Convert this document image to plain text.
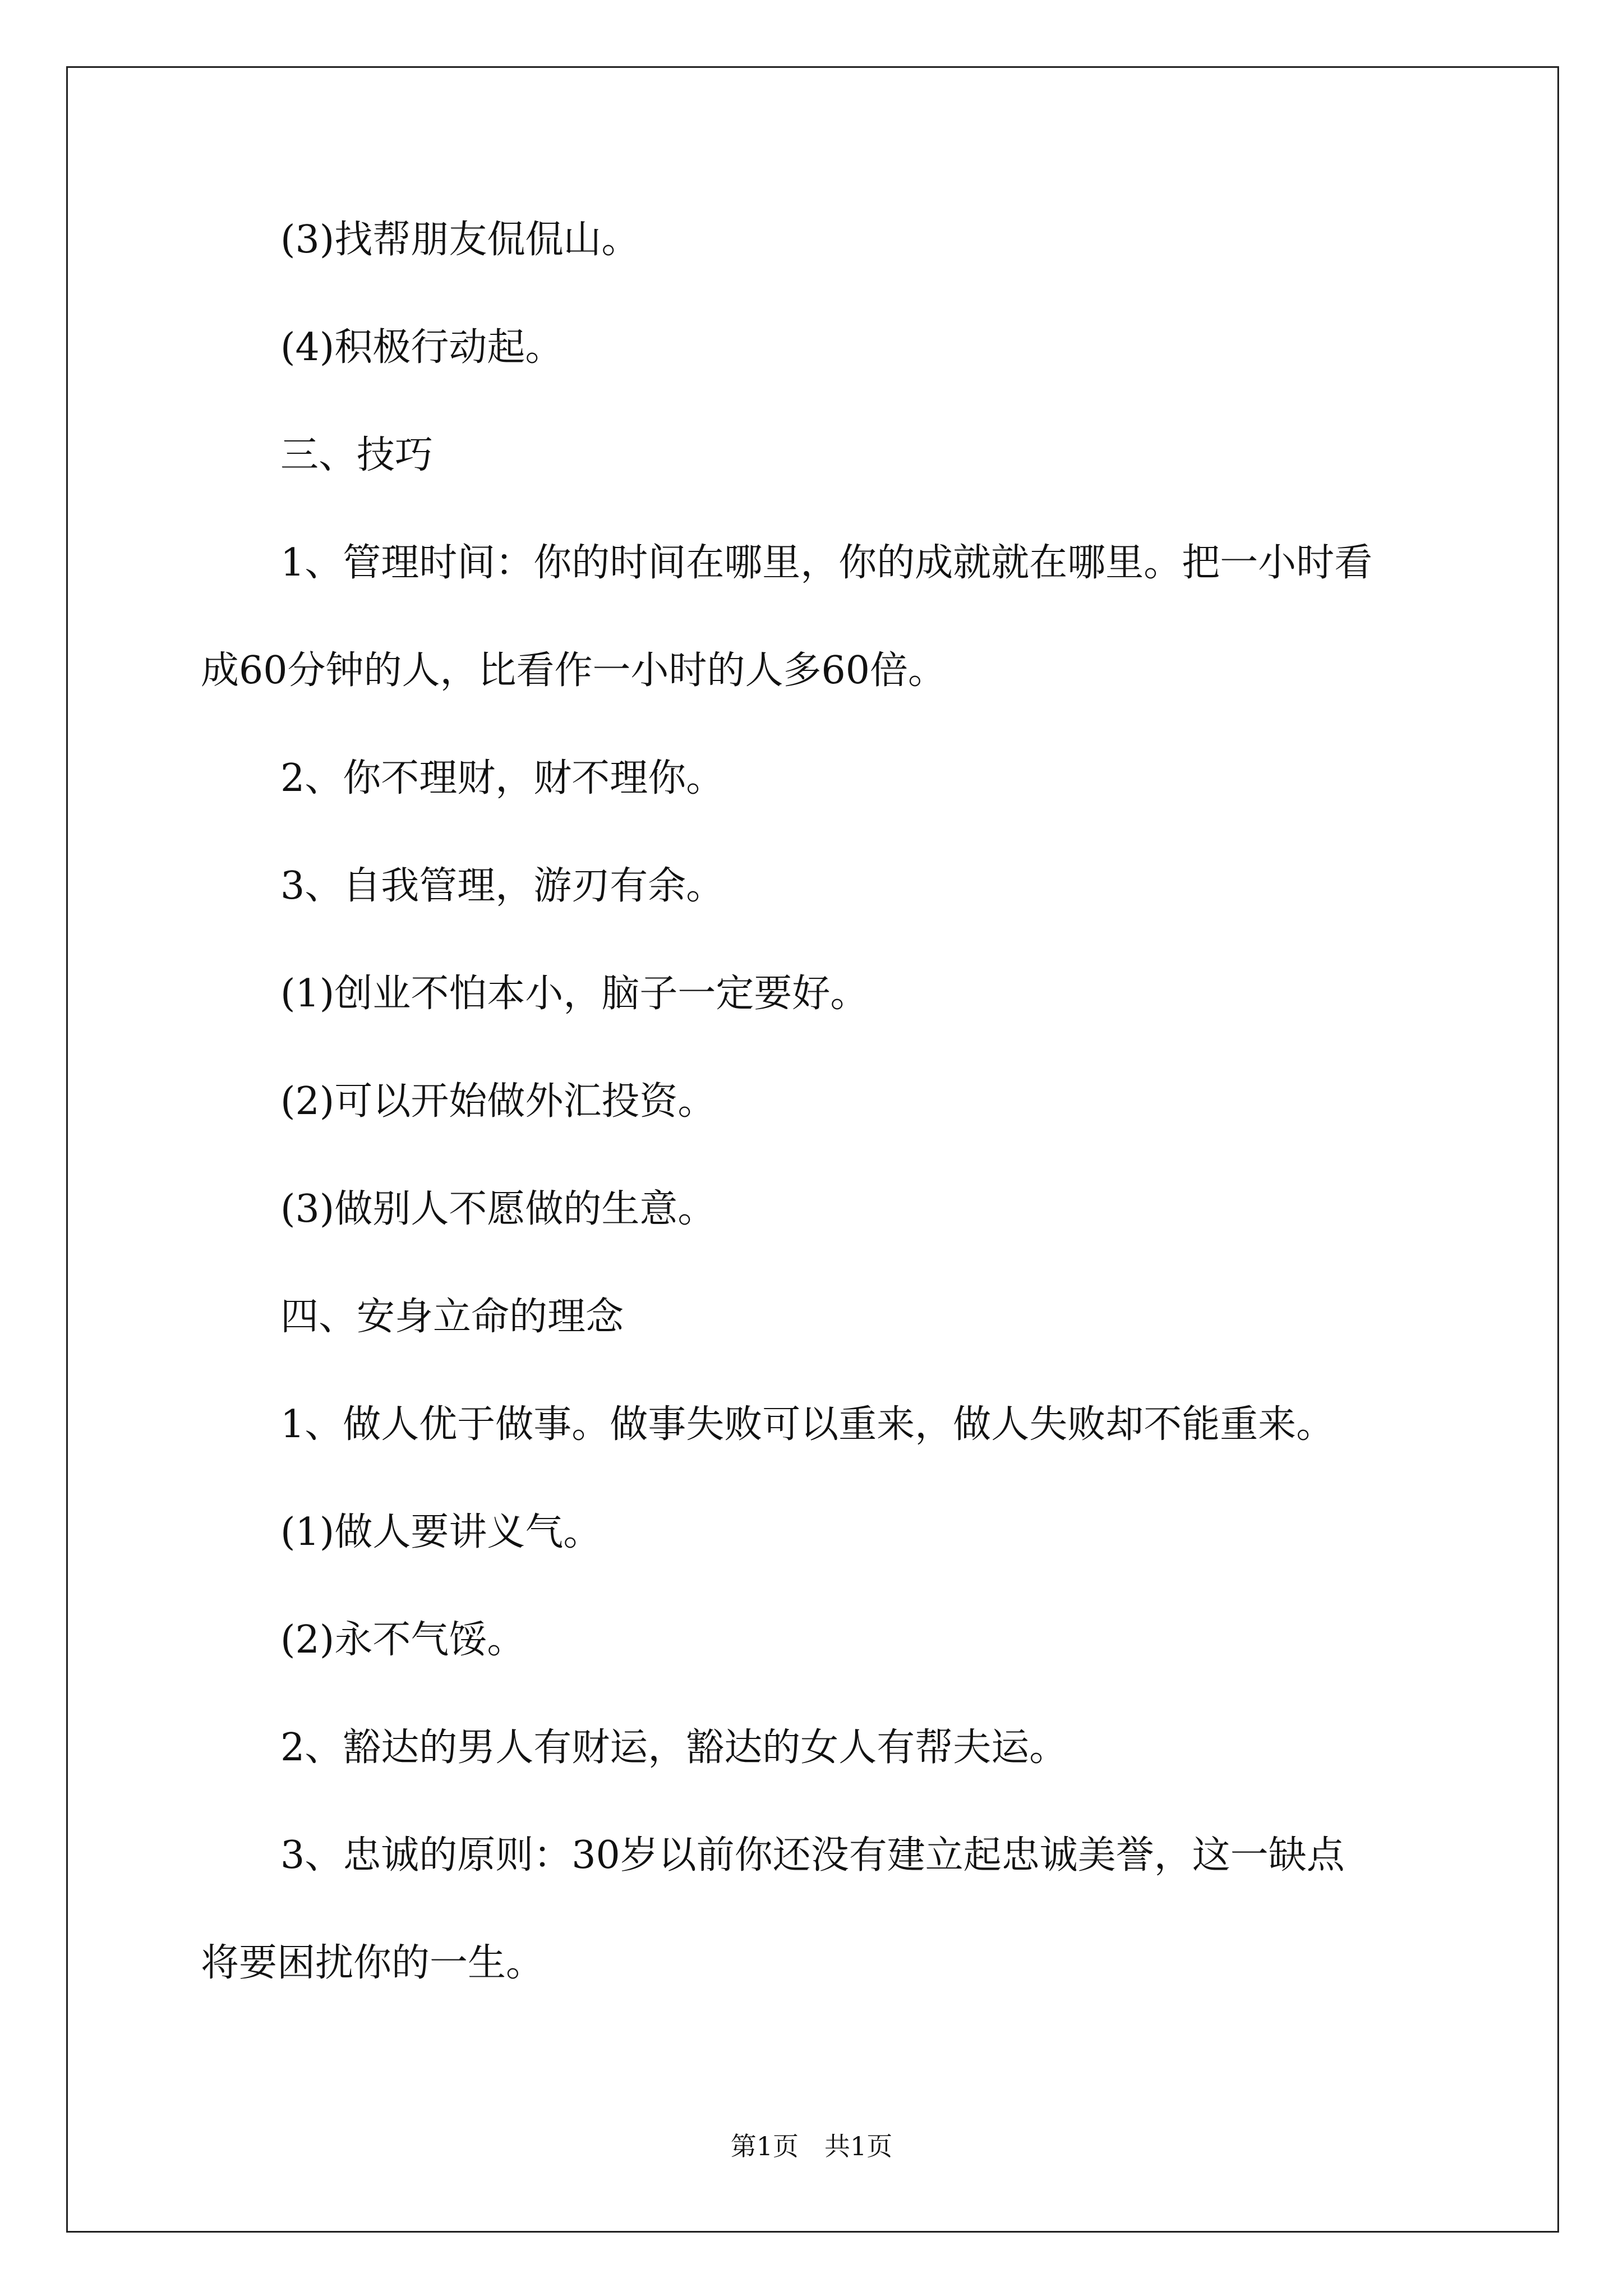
(3)找帮朋友侃侃山。

(4)积极行动起。

三、技巧

1、管理时间：你的时间在哪里，你的成就就在哪里。把一小时看

成60分钟的人，比看作一小时的人多60倍。

2、你不理财，财不理你。

3、自我管理，游刃有余。

(1)创业不怕本小，脑子一定要好。

(2)可以开始做外汇投资。

(3)做别人不愿做的生意。

四、安身立命的理念

1、做人优于做事。做事失败可以重来，做人失败却不能重来。

(1)做人要讲义气。

(2)永不气馁。

2、豁达的男人有财运，豁达的女人有帮夫运。

3、忠诚的原则：30岁以前你还没有建立起忠诚美誉，这一缺点

将要困扰你的一生。

第1页　共1页
